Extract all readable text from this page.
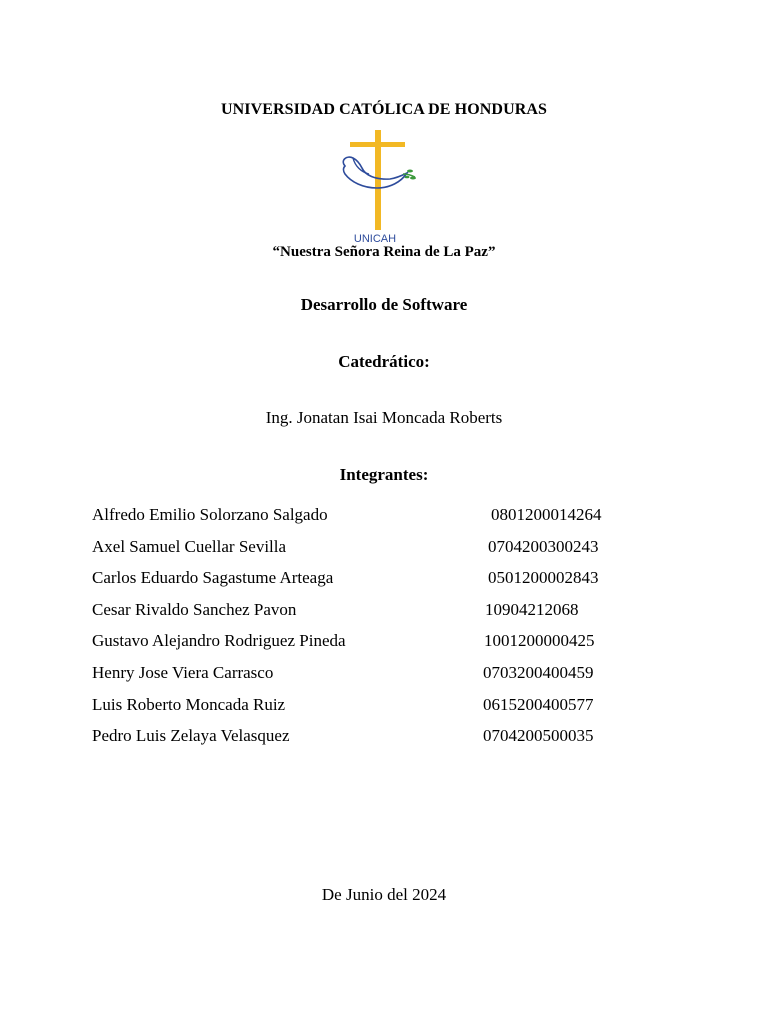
UNIVERSIDAD CATÓLICA DE HONDURAS
UNICAH
“Nuestra Señora Reina de La Paz”
Desarrollo de Software
Catedrático:
Ing. Jonatan Isai Moncada Roberts
Integrantes:
Alfredo Emilio Solorzano Salgado	0801200014264
Axel Samuel Cuellar Sevilla	0704200300243
Carlos Eduardo Sagastume Arteaga	0501200002843
Cesar Rivaldo Sanchez Pavon	10904212068
Gustavo Alejandro Rodriguez Pineda	1001200000425
Henry Jose Viera Carrasco	0703200400459
Luis Roberto Moncada Ruiz	0615200400577
Pedro Luis Zelaya Velasquez	0704200500035
De Junio del 2024
